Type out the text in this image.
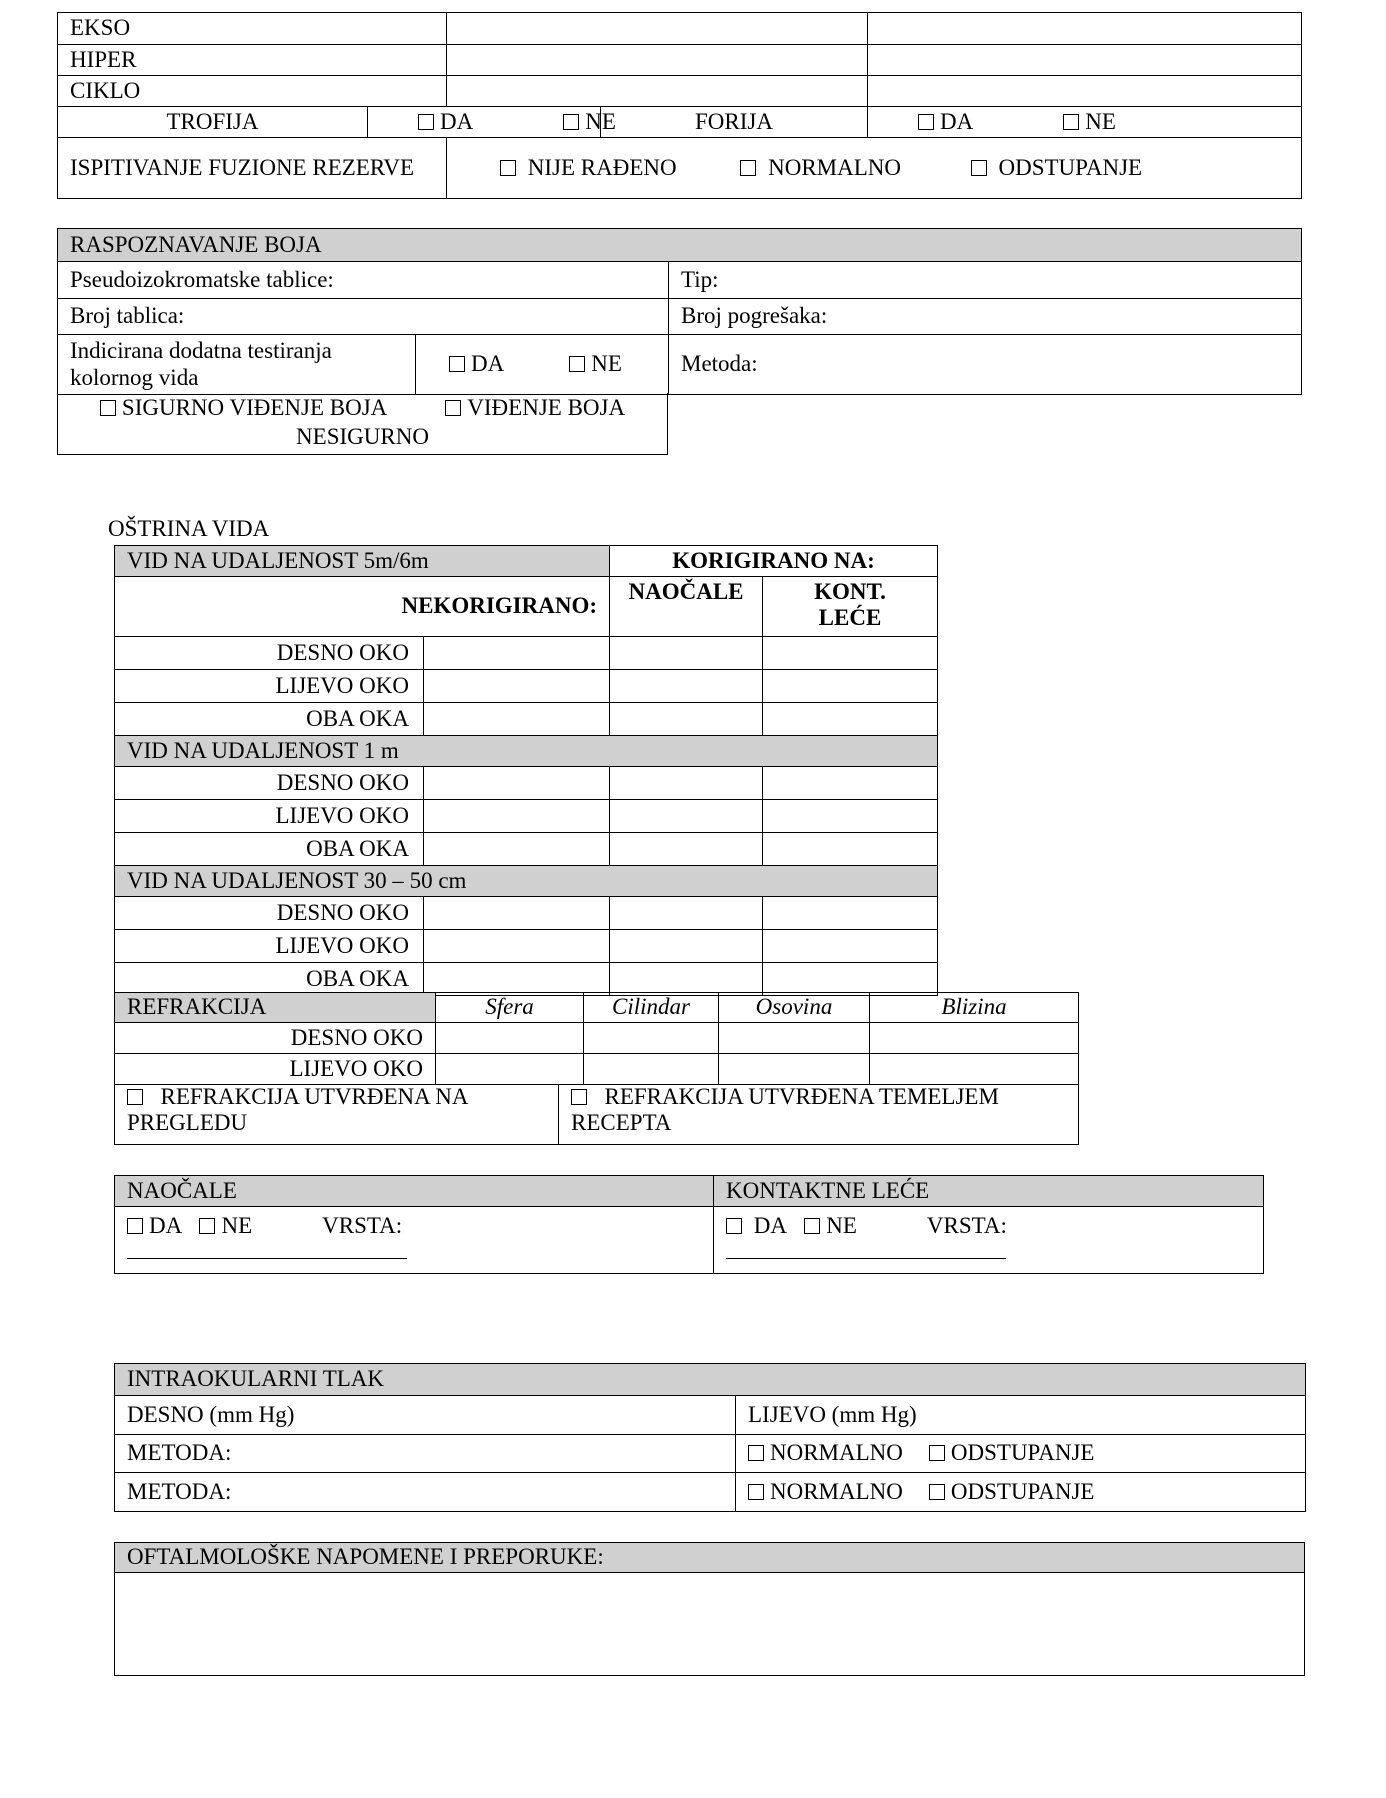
EKSO				
HIPER				
CIKLO				
TROFIJA	DA NE		FORIJA	DA NE
ISPITIVANJE FUZIONE REZERVE		NIJE RAĐENO NORMALNO ODSTUPANJE		
RASPOZNAVANJE BOJA		
Pseudoizokromatske tablice:		Tip:
Broj tablica:		Broj pogrešaka:
Indicirana dodatna testiranja kolornog vida	DA NE	Metoda:
SIGURNO VIĐENJE BOJA	VIĐENJE BOJA NESIGURNO
OŠTRINA VIDA
VID NA UDALJENOST 5m/6m		KORIGIRANO NA:	
NEKORIGIRANO:		NAOČALE	KONT. LEĆE
DESNO OKO			
LIJEVO OKO			
OBA OKA			
VID NA UDALJENOST 1 m			
DESNO OKO			
LIJEVO OKO			
OBA OKA			
VID NA UDALJENOST 30 – 50 cm			
DESNO OKO			
LIJEVO OKO			
OBA OKA			
REFRAKCIJA	Sfera	Cilindar	Osovina	Blizina
DESNO OKO				
LIJEVO OKO				
REFRAKCIJA UTVRĐENA NA PREGLEDU	REFRAKCIJA UTVRĐENA TEMELJEM RECEPTA
NAOČALE	KONTAKTNE LEĆE
DA NE VRSTA:	DA NE VRSTA:

INTRAOKULARNI TLAK	
DESNO (mm Hg)	LIJEVO (mm Hg)
METODA:	NORMALNO ODSTUPANJE
METODA:	NORMALNO ODSTUPANJE
OFTALMOLOŠKE NAPOMENE I PREPORUKE:
